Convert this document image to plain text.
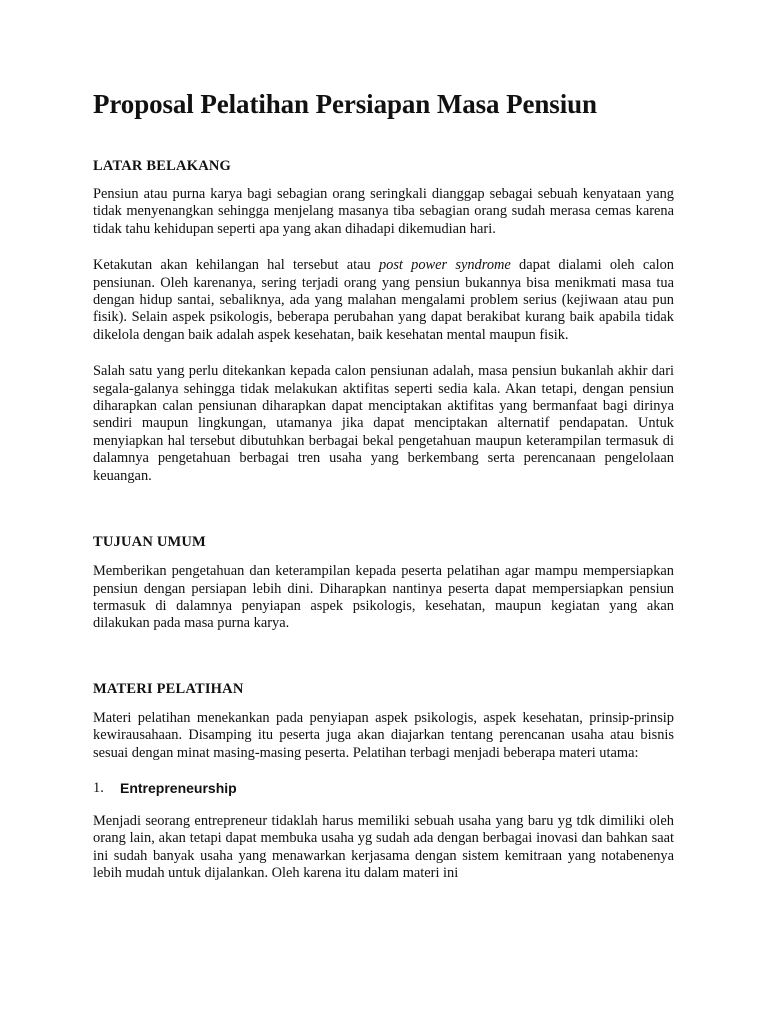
Proposal Pelatihan Persiapan Masa Pensiun
LATAR BELAKANG

Pensiun atau purna karya bagi sebagian orang seringkali dianggap sebagai sebuah kenyataan yang tidak menyenangkan sehingga menjelang masanya tiba sebagian orang sudah merasa cemas karena tidak tahu kehidupan seperti apa yang akan dihadapi dikemudian hari.

Ketakutan akan kehilangan hal tersebut atau post power syndrome dapat dialami oleh calon pensiunan. Oleh karenanya, sering terjadi orang yang pensiun bukannya bisa menikmati masa tua dengan hidup santai, sebaliknya, ada yang malahan mengalami problem serius (kejiwaan atau pun fisik). Selain aspek psikologis, beberapa perubahan yang dapat berakibat kurang baik apabila tidak dikelola dengan baik adalah aspek kesehatan, baik kesehatan mental maupun fisik.

Salah satu yang perlu ditekankan kepada calon pensiunan adalah, masa pensiun bukanlah akhir dari segala-galanya sehingga tidak melakukan aktifitas seperti sedia kala. Akan tetapi, dengan pensiun diharapkan calan pensiunan diharapkan dapat menciptakan aktifitas yang bermanfaat bagi dirinya sendiri maupun lingkungan, utamanya jika dapat menciptakan alternatif pendapatan. Untuk menyiapkan hal tersebut dibutuhkan berbagai bekal pengetahuan maupun keterampilan termasuk di dalamnya pengetahuan berbagai tren usaha yang berkembang serta perencanaan pengelolaan keuangan.

TUJUAN UMUM

Memberikan pengetahuan dan keterampilan kepada peserta pelatihan agar mampu mempersiapkan pensiun dengan persiapan lebih dini. Diharapkan nantinya peserta dapat mempersiapkan pensiun termasuk di dalamnya penyiapan aspek psikologis, kesehatan, maupun kegiatan yang akan dilakukan pada masa purna karya.

MATERI PELATIHAN

Materi pelatihan menekankan pada penyiapan aspek psikologis, aspek kesehatan, prinsip-prinsip kewirausahaan. Disamping itu peserta juga akan diajarkan tentang perencanan usaha atau bisnis sesuai dengan minat masing-masing peserta. Pelatihan terbagi menjadi beberapa materi utama:

1.	Entrepreneurship

Menjadi seorang entrepreneur tidaklah harus memiliki sebuah usaha yang baru yg tdk dimiliki oleh orang lain, akan tetapi dapat membuka usaha yg sudah ada dengan berbagai inovasi dan bahkan saat ini sudah banyak usaha yang menawarkan kerjasama dengan sistem kemitraan yang notabenenya lebih mudah untuk dijalankan. Oleh karena itu dalam materi ini
